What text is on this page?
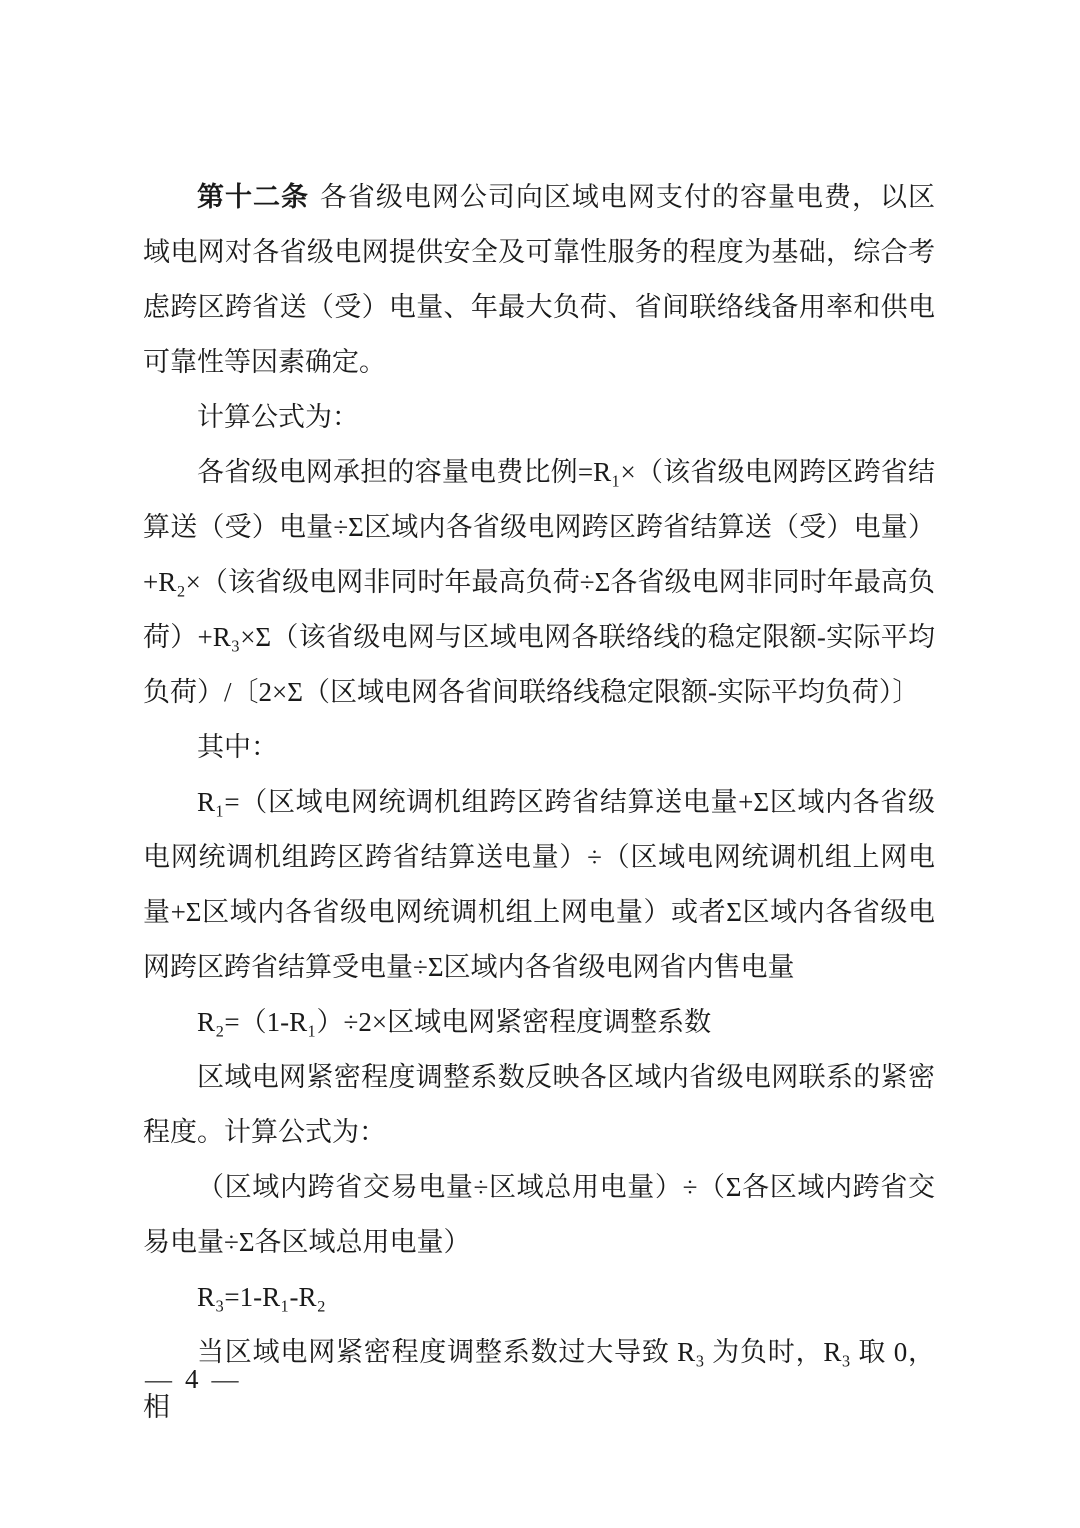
第十二条 各省级电网公司向区域电网支付的容量电费，以区域电网对各省级电网提供安全及可靠性服务的程度为基础，综合考虑跨区跨省送（受）电量、年最大负荷、省间联络线备用率和供电可靠性等因素确定。

计算公式为：

各省级电网承担的容量电费比例=R₁×（该省级电网跨区跨省结算送（受）电量÷Σ区域内各省级电网跨区跨省结算送（受）电量）+R₂×（该省级电网非同时年最高负荷÷Σ各省级电网非同时年最高负荷）+R₃×Σ（该省级电网与区域电网各联络线的稳定限额-实际平均负荷）/〔2×Σ（区域电网各省间联络线稳定限额-实际平均负荷）〕

其中：

R₁=（区域电网统调机组跨区跨省结算送电量+Σ区域内各省级电网统调机组跨区跨省结算送电量）÷（区域电网统调机组上网电量+Σ区域内各省级电网统调机组上网电量）或者Σ区域内各省级电网跨区跨省结算受电量÷Σ区域内各省级电网省内售电量

R₂=（1-R₁）÷2×区域电网紧密程度调整系数

区域电网紧密程度调整系数反映各区域内省级电网联系的紧密程度。计算公式为：

（区域内跨省交易电量÷区域总用电量）÷（Σ各区域内跨省交易电量÷Σ各区域总用电量）

R₃=1-R₁-R₂

当区域电网紧密程度调整系数过大导致 R₃ 为负时，R₃ 取 0，相

— 4 —
